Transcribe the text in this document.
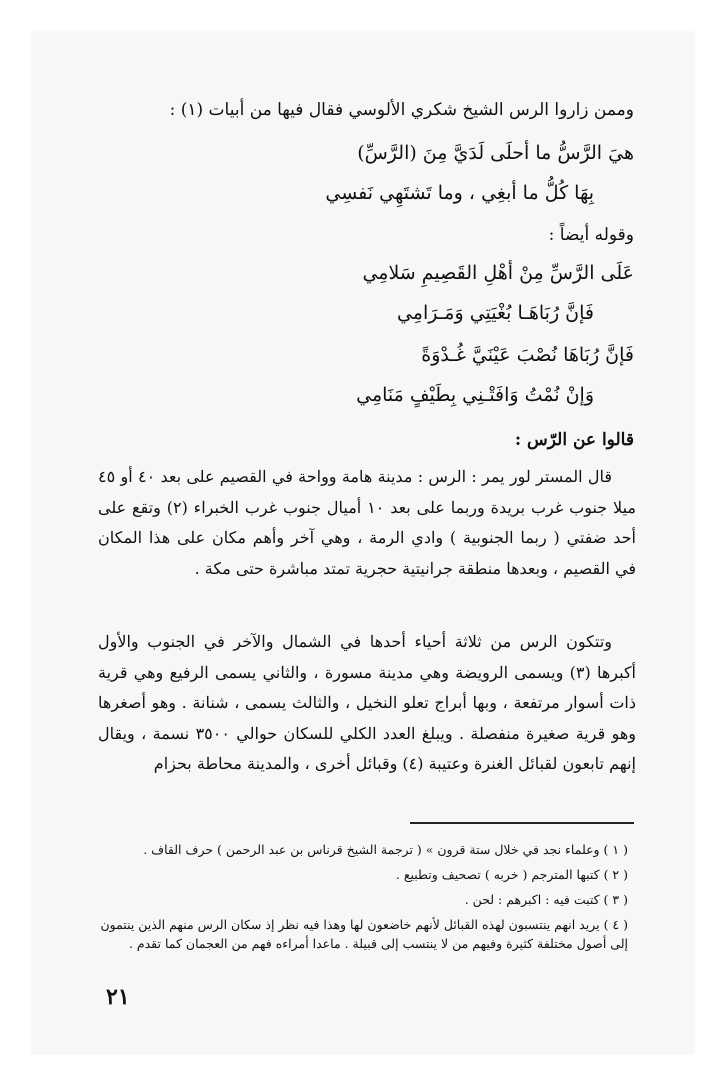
وممن زاروا الرس الشيخ شكري الألوسي فقال فيها من أبيات (١) :
هيَ الرَّسُّ ما أحلَى لَدَيَّ مِنَ (الرَّسِّ)
بِهَا كُلُّ ما أبغِي ، وما تَشتَهِي نَفسِي
وقوله أيضاً :
عَلَى الرَّسِّ مِنْ أهْلِ القَصِيمِ سَلامِي
فَإنَّ رُبَاهَـا بُغْيَتِي وَمَـرَامِي
فَإنَّ رُبَاهَا نُصْبَ عَيْنَيَّ غُـدْوَةً
وَإنْ نُمْتُ وَافَتْـنِي بِطَيْفٍ مَنَامِي
قالوا عن الرّس :

قال المستر لور يمر : الرس : مدينة هامة وواحة في القصيم على بعد ٤٠ أو ٤٥ ميلا جنوب غرب بريدة وربما على بعد ١٠ أميال جنوب غرب الخبراء (٢) وتقع على أحد ضفتي ( ربما الجنوبية ) وادي الرمة ، وهي آخر وأهم مكان على هذا المكان في القصيم ، وبعدها منطقة جرانيتية حجرية تمتد مباشرة حتى مكة .

وتتكون الرس من ثلاثة أحياء أحدها في الشمال والآخر في الجنوب والأول أكبرها (٣) ويسمى الرويضة وهي مدينة مسورة ، والثاني يسمى الرفيع وهي قرية ذات أسوار مرتفعة ، وبها أبراج تعلو النخيل ، والثالث يسمى ، شنانة . وهو أصغرها وهو قرية صغيرة منفصلة . ويبلغ العدد الكلي للسكان حوالي ٣٥٠٠ نسمة ، ويقال إنهم تابعون لقبائل الغنرة وعتيبة (٤) وقبائل أخرى ، والمدينة محاطة بحزام

( ١ ) وعلماء نجد في خلال ستة قرون » ( ترجمة الشيخ قرناس بن عبد الرحمن ) حرف القاف .

( ٢ ) كتبها المترجم ( خربه ) تصحيف وتطبيع .

( ٣ ) كتبت فيه : اكبرهم : لحن .

( ٤ ) يريد انهم ينتسبون لهذه القبائل لأنهم خاضعون لها وهذا فيه نظر إذ سكان الرس منهم الذين ينتمون إلى أصول مختلفة كثيرة وفيهم من لا ينتسب إلى قبيلة . ماعدا أمراءه فهم من العجمان كما تقدم .

٢١
